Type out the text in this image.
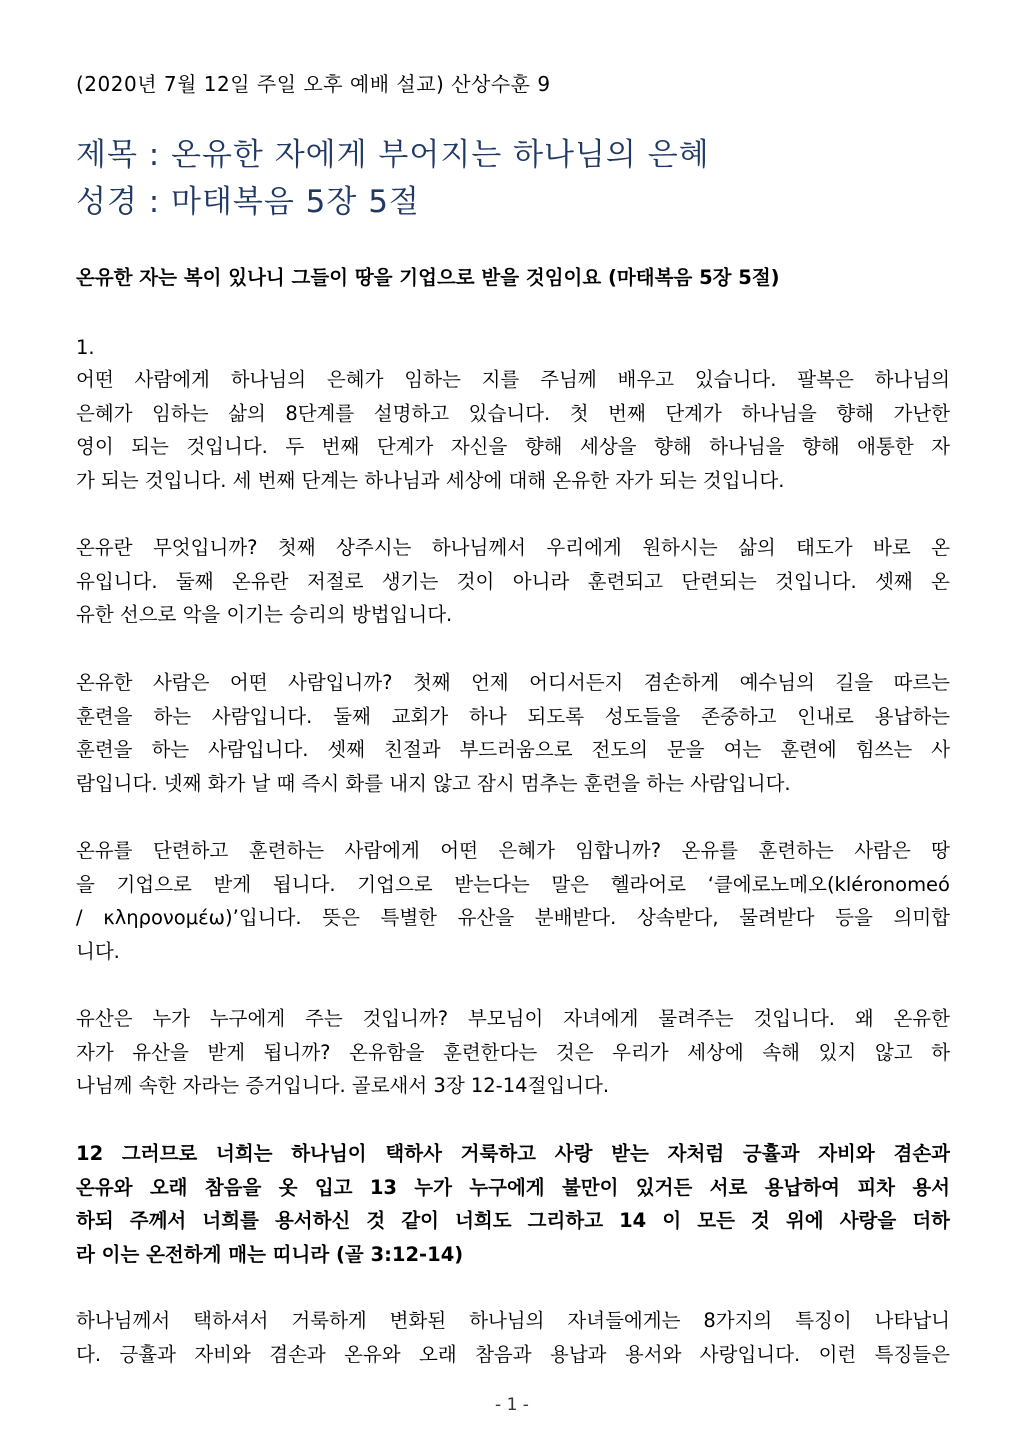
(2020년 7월 12일 주일 오후 예배 설교) 산상수훈 9
제목 : 온유한 자에게 부어지는 하나님의 은혜
성경 : 마태복음 5장 5절
온유한 자는 복이 있나니 그들이 땅을 기업으로 받을 것임이요 (마태복음 5장 5절)
1.
어떤 사람에게 하나님의 은혜가 임하는 지를 주님께 배우고 있습니다. 팔복은 하나님의
은혜가 임하는 삶의 8단계를 설명하고 있습니다. 첫 번째 단계가 하나님을 향해 가난한
영이 되는 것입니다. 두 번째 단계가 자신을 향해 세상을 향해 하나님을 향해 애통한 자
가 되는 것입니다. 세 번째 단계는 하나님과 세상에 대해 온유한 자가 되는 것입니다.
온유란 무엇입니까? 첫째 상주시는 하나님께서 우리에게 원하시는 삶의 태도가 바로 온
유입니다. 둘째 온유란 저절로 생기는 것이 아니라 훈련되고 단련되는 것입니다. 셋째 온
유한 선으로 악을 이기는 승리의 방법입니다.
온유한 사람은 어떤 사람입니까? 첫째 언제 어디서든지 겸손하게 예수님의 길을 따르는
훈련을 하는 사람입니다. 둘째 교회가 하나 되도록 성도들을 존중하고 인내로 용납하는
훈련을 하는 사람입니다. 셋째 친절과 부드러움으로 전도의 문을 여는 훈련에 힘쓰는 사
람입니다. 넷째 화가 날 때 즉시 화를 내지 않고 잠시 멈추는 훈련을 하는 사람입니다.
온유를 단련하고 훈련하는 사람에게 어떤 은혜가 임합니까? 온유를 훈련하는 사람은 땅
을 기업으로 받게 됩니다. 기업으로 받는다는 말은 헬라어로 ‘클에로노메오(kléronomeó
/ κληρονομέω)’입니다. 뜻은 특별한 유산을 분배받다. 상속받다, 물려받다 등을 의미합
니다.
유산은 누가 누구에게 주는 것입니까? 부모님이 자녀에게 물려주는 것입니다. 왜 온유한
자가 유산을 받게 됩니까? 온유함을 훈련한다는 것은 우리가 세상에 속해 있지 않고 하
나님께 속한 자라는 증거입니다. 골로새서 3장 12-14절입니다.
12 그러므로 너희는 하나님이 택하사 거룩하고 사랑 받는 자처럼 긍휼과 자비와 겸손과
온유와 오래 참음을 옷 입고 13 누가 누구에게 불만이 있거든 서로 용납하여 피차 용서
하되 주께서 너희를 용서하신 것 같이 너희도 그리하고 14 이 모든 것 위에 사랑을 더하
라 이는 온전하게 매는 띠니라 (골 3:12-14)
하나님께서 택하셔서 거룩하게 변화된 하나님의 자녀들에게는 8가지의 특징이 나타납니
다. 긍휼과 자비와 겸손과 온유와 오래 참음과 용납과 용서와 사랑입니다. 이런 특징들은
- 1 -
